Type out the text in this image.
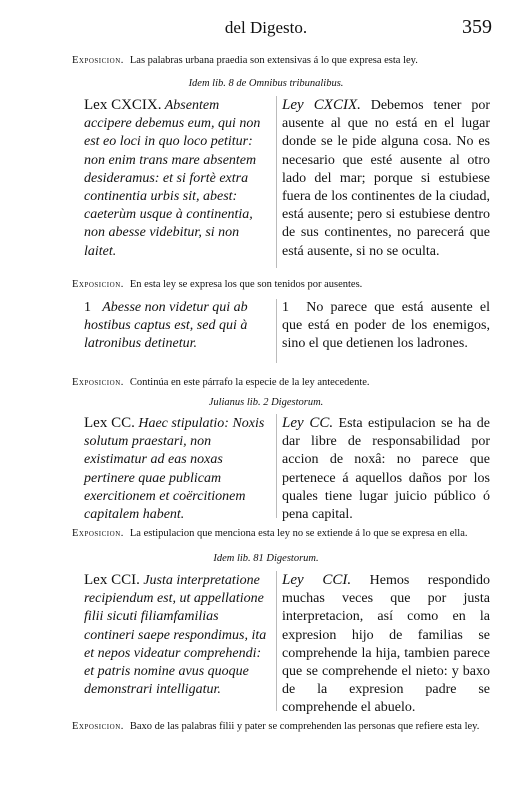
del Digesto.	359
Exposicion. Las palabras urbana praedia son extensivas á lo que expresa esta ley.
Idem lib. 8 de Omnibus tribunalibus.
Lex CXCIX. Absentem accipere debemus eum, qui non est eo loci in quo loco petitur: non enim trans mare absentem desideramus: et si fortè extra continentia urbis sit, abest: caeterùm usque à continentia, non abesse videbitur, si non laitet.
Ley CXCIX. Debemos tener por ausente al que no está en el lugar donde se le pide alguna cosa. No es necesario que esté ausente al otro lado del mar; porque si estubiese fuera de los continentes de la ciudad, está ausente; pero si estubiese dentro de sus continentes, no parecerá que está ausente, si no se oculta.
Exposicion. En esta ley se expresa los que son tenidos por ausentes.
1 Abesse non videtur qui ab hostibus captus est, sed qui à latronibus detinetur.
1 No parece que está ausente el que está en poder de los enemigos, sino el que detienen los ladrones.
Exposicion. Continúa en este párrafo la especie de la ley antecedente.
Julianus lib. 2 Digestorum.
Lex CC. Haec stipulatio: Noxis solutum praestari, non existimatur ad eas noxas pertinere quae publicam exercitionem et coërcitionem capitalem habent.
Ley CC. Esta estipulacion se ha de dar libre de responsabilidad por accion de noxâ: no parece que pertenece á aquellos daños por los quales tiene lugar juicio público ó pena capital.
Exposicion. La estipulacion que menciona esta ley no se extiende á lo que se expresa en ella.
Idem lib. 81 Digestorum.
Lex CCI. Justa interpretatione recipiendum est, ut appellatione filii sicuti filiamfamilias contineri saepe respondimus, ita et nepos videatur comprehendi: et patris nomine avus quoque demonstrari intelligatur.
Ley CCI. Hemos respondido muchas veces que por justa interpretacion, así como en la expresion hijo de familias se comprehende la hija, tambien parece que se comprehende el nieto: y baxo de la expresion padre se comprehende el abuelo.
Exposicion. Baxo de las palabras filii y pater se comprehenden las personas que refiere esta ley.
